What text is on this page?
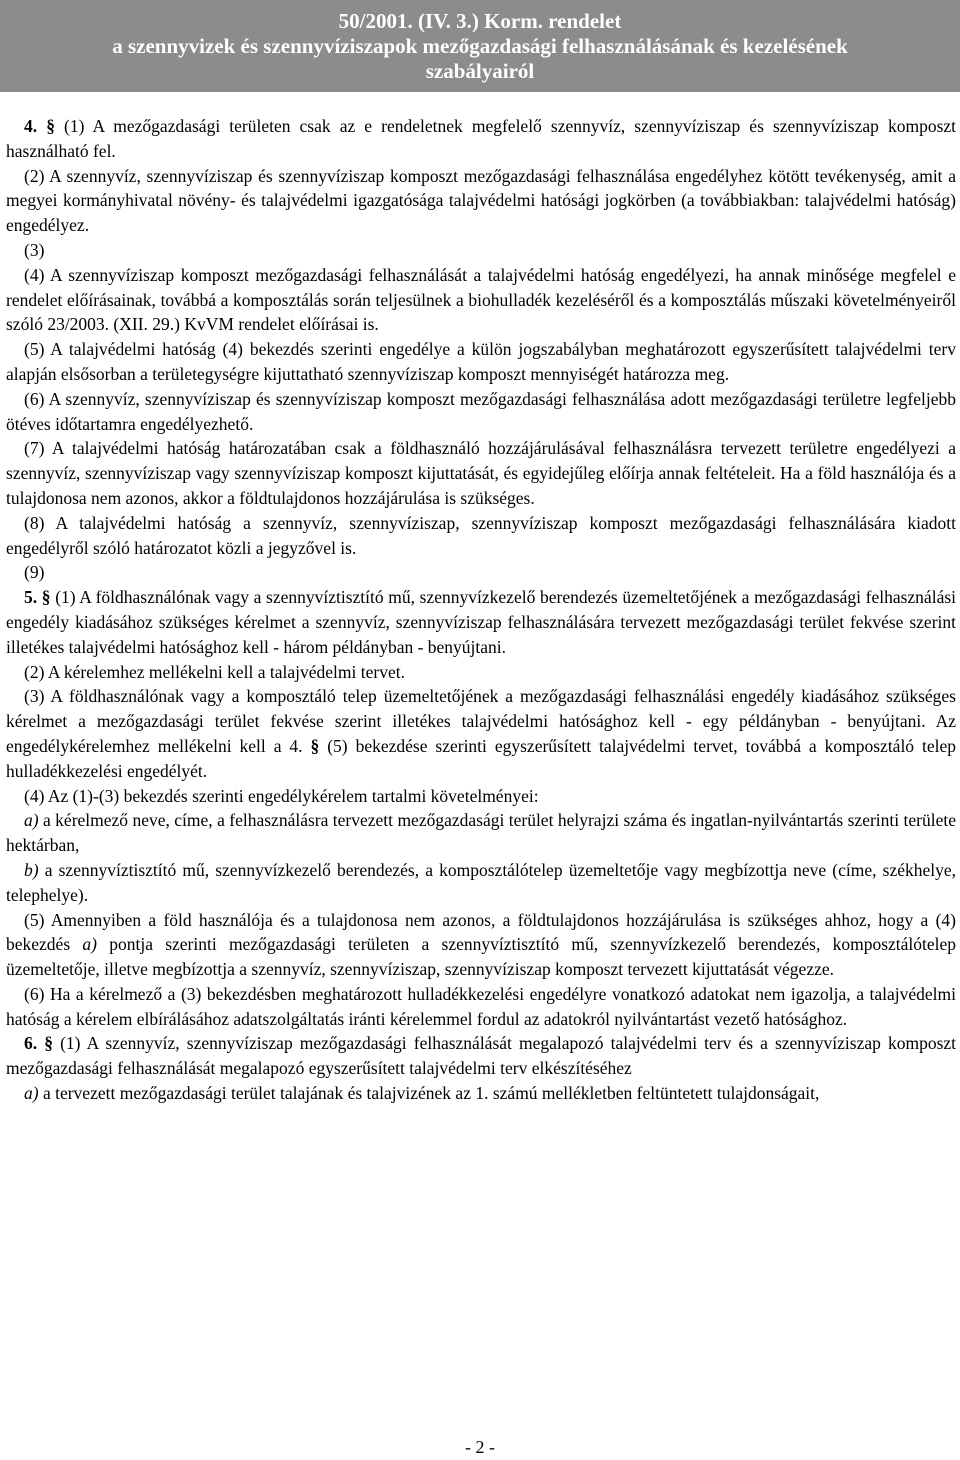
50/2001. (IV. 3.) Korm. rendelet
a szennyvizek és szennyvíziszapok mezőgazdasági felhasználásának és kezelésének
szabályairól

4. § (1) A mezőgazdasági területen csak az e rendeletnek megfelelő szennyvíz, szennyvíziszap és szennyvíziszap komposzt használható fel.

(2) A szennyvíz, szennyvíziszap és szennyvíziszap komposzt mezőgazdasági felhasználása engedélyhez kötött tevékenység, amit a megyei kormányhivatal növény- és talajvédelmi igazgatósága talajvédelmi hatósági jogkörben (a továbbiakban: talajvédelmi hatóság) engedélyez.

(3)

(4) A szennyvíziszap komposzt mezőgazdasági felhasználását a talajvédelmi hatóság engedélyezi, ha annak minősége megfelel e rendelet előírásainak, továbbá a komposztálás során teljesülnek a biohulladék kezeléséről és a komposztálás műszaki követelményeiről szóló 23/2003. (XII. 29.) KvVM rendelet előírásai is.

(5) A talajvédelmi hatóság (4) bekezdés szerinti engedélye a külön jogszabályban meghatározott egyszerűsített talajvédelmi terv alapján elsősorban a területegységre kijuttatható szennyvíziszap komposzt mennyiségét határozza meg.

(6) A szennyvíz, szennyvíziszap és szennyvíziszap komposzt mezőgazdasági felhasználása adott mezőgazdasági területre legfeljebb ötéves időtartamra engedélyezhető.

(7) A talajvédelmi hatóság határozatában csak a földhasználó hozzájárulásával felhasználásra tervezett területre engedélyezi a szennyvíz, szennyvíziszap vagy szennyvíziszap komposzt kijuttatását, és egyidejűleg előírja annak feltételeit. Ha a föld használója és a tulajdonosa nem azonos, akkor a földtulajdonos hozzájárulása is szükséges.

(8) A talajvédelmi hatóság a szennyvíz, szennyvíziszap, szennyvíziszap komposzt mezőgazdasági felhasználására kiadott engedélyről szóló határozatot közli a jegyzővel is.

(9)

5. § (1) A földhasználónak vagy a szennyvíztisztító mű, szennyvízkezelő berendezés üzemeltetőjének a mezőgazdasági felhasználási engedély kiadásához szükséges kérelmet a szennyvíz, szennyvíziszap felhasználására tervezett mezőgazdasági terület fekvése szerint illetékes talajvédelmi hatósághoz kell - három példányban - benyújtani.

(2) A kérelemhez mellékelni kell a talajvédelmi tervet.

(3) A földhasználónak vagy a komposztáló telep üzemeltetőjének a mezőgazdasági felhasználási engedély kiadásához szükséges kérelmet a mezőgazdasági terület fekvése szerint illetékes talajvédelmi hatósághoz kell - egy példányban - benyújtani. Az engedélykérelemhez mellékelni kell a 4. § (5) bekezdése szerinti egyszerűsített talajvédelmi tervet, továbbá a komposztáló telep hulladékkezelési engedélyét.

(4) Az (1)-(3) bekezdés szerinti engedélykérelem tartalmi követelményei:

a) a kérelmező neve, címe, a felhasználásra tervezett mezőgazdasági terület helyrajzi száma és ingatlan-nyilvántartás szerinti területe hektárban,

b) a szennyvíztisztító mű, szennyvízkezelő berendezés, a komposztálótelep üzemeltetője vagy megbízottja neve (címe, székhelye, telephelye).

(5) Amennyiben a föld használója és a tulajdonosa nem azonos, a földtulajdonos hozzájárulása is szükséges ahhoz, hogy a (4) bekezdés a) pontja szerinti mezőgazdasági területen a szennyvíztisztító mű, szennyvízkezelő berendezés, komposztálótelep üzemeltetője, illetve megbízottja a szennyvíz, szennyvíziszap, szennyvíziszap komposzt tervezett kijuttatását végezze.

(6) Ha a kérelmező a (3) bekezdésben meghatározott hulladékkezelési engedélyre vonatkozó adatokat nem igazolja, a talajvédelmi hatóság a kérelem elbírálásához adatszolgáltatás iránti kérelemmel fordul az adatokról nyilvántartást vezető hatósághoz.

6. § (1) A szennyvíz, szennyvíziszap mezőgazdasági felhasználását megalapozó talajvédelmi terv és a szennyvíziszap komposzt mezőgazdasági felhasználását megalapozó egyszerűsített talajvédelmi terv elkészítéséhez

a) a tervezett mezőgazdasági terület talajának és talajvizének az 1. számú mellékletben feltüntetett tulajdonságait,

- 2 -
